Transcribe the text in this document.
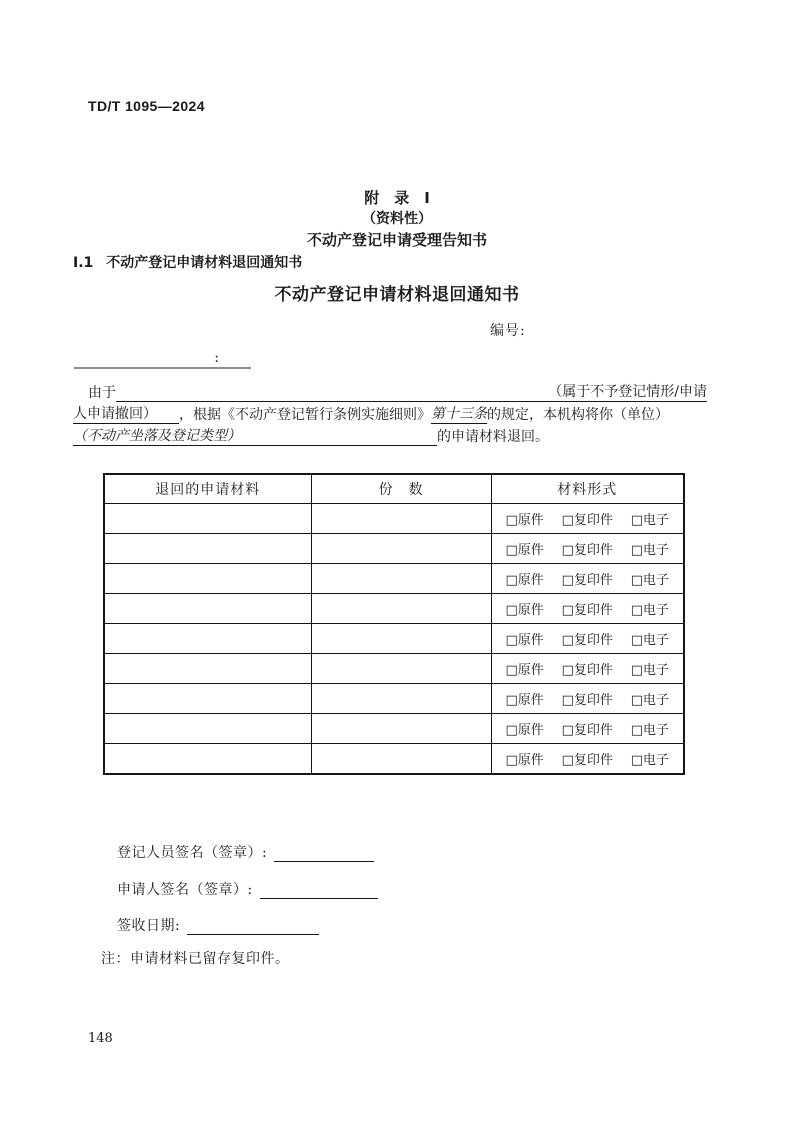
TD/T 1095—2024
附　录　I
（资料性）
不动产登记申请受理告知书
I.1 不动产登记申请材料退回通知书
不动产登记申请材料退回通知书
编号:
:
由于	（属于不予登记情形/申请
人申请撤回） ，根据《不动产登记暂行条例实施细则》 第十三条 的规定，本机构将你（单位）
（不动产坐落及登记类型）	的申请材料退回。
退回的申请材料	份　数	材料形式

		□原件 □复印件 □电子

		□原件 □复印件 □电子

		□原件 □复印件 □电子

		□原件 □复印件 □电子

		□原件 □复印件 □电子

		□原件 □复印件 □电子

		□原件 □复印件 □电子

		□原件 □复印件 □电子

		□原件 □复印件 □电子
登记人员签名（签章）:
申请人签名（签章）:
签收日期:
注：申请材料已留存复印件。
148
